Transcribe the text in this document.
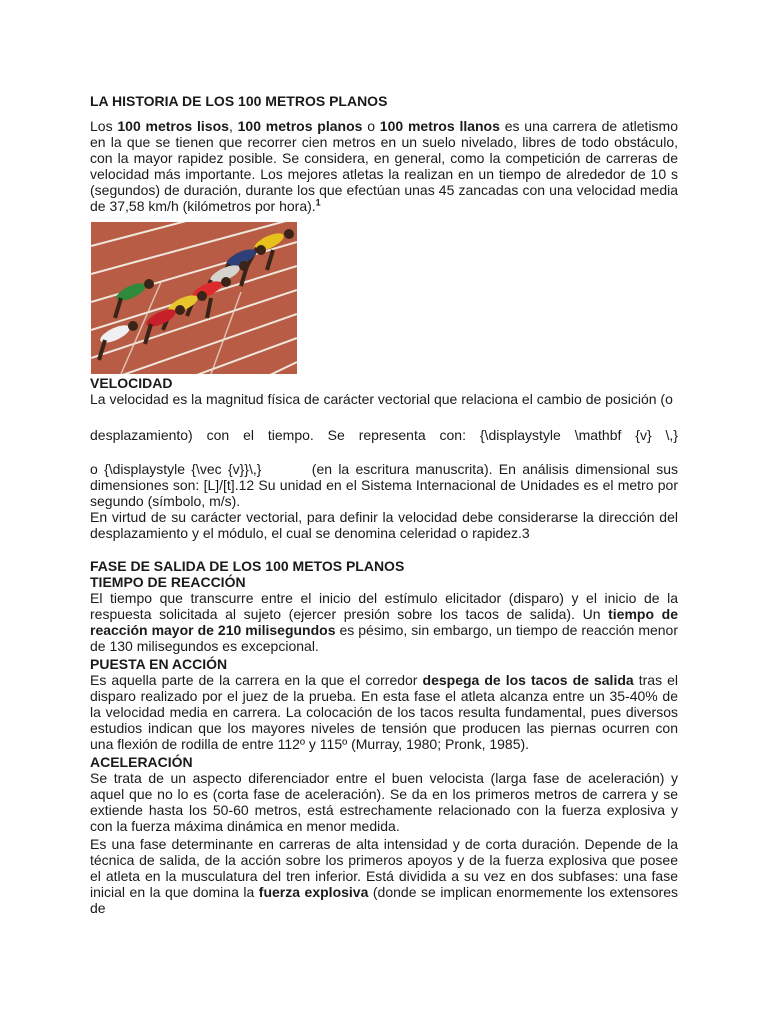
LA HISTORIA DE LOS 100 METROS PLANOS

Los 100 metros lisos, 100 metros planos o 100 metros llanos es una carrera de atletismo en la que se tienen que recorrer cien metros en un suelo nivelado, libres de todo obstáculo, con la mayor rapidez posible. Se considera, en general, como la competición de carreras de velocidad más importante. Los mejores atletas la realizan en un tiempo de alrededor de 10 s (segundos) de duración, durante los que efectúan unas 45 zancadas con una velocidad media de 37,58 km/h (kilómetros por hora).$^1$

VELOCIDAD
La velocidad es la magnitud física de carácter vectorial que relaciona el cambio de posición (o
desplazamiento) con el tiempo. Se representa con: {\displaystyle \mathbf {v} \,}

o {\displaystyle {\vec {v}}\,}        (en la escritura manuscrita). En análisis dimensional sus dimensiones son: [L]/[t].12 Su unidad en el Sistema Internacional de Unidades es el metro por segundo (símbolo, m/s).

En virtud de su carácter vectorial, para definir la velocidad debe considerarse la dirección del desplazamiento y el módulo, el cual se denomina celeridad o rapidez.3

FASE DE SALIDA DE LOS 100 METOS PLANOS
TIEMPO DE REACCIÓN

El tiempo que transcurre entre el inicio del estímulo elicitador (disparo) y el inicio de la respuesta solicitada al sujeto (ejercer presión sobre los tacos de salida). Un tiempo de reacción mayor de 210 milisegundos es pésimo, sin embargo, un tiempo de reacción menor de 130 milisegundos es excepcional.

PUESTA EN ACCIÓN

Es aquella parte de la carrera en la que el corredor despega de los tacos de salida tras el disparo realizado por el juez de la prueba. En esta fase el atleta alcanza entre un 35-40% de la velocidad media en carrera. La colocación de los tacos resulta fundamental, pues diversos estudios indican que los mayores niveles de tensión que producen las piernas ocurren con una flexión de rodilla de entre 112º y 115º (Murray, 1980; Pronk, 1985).

ACELERACIÓN

Se trata de un aspecto diferenciador entre el buen velocista (larga fase de aceleración) y aquel que no lo es (corta fase de aceleración). Se da en los primeros metros de carrera y se extiende hasta los 50-60 metros, está estrechamente relacionado con la fuerza explosiva y con la fuerza máxima dinámica en menor medida.

Es una fase determinante en carreras de alta intensidad y de corta duración. Depende de la técnica de salida, de la acción sobre los primeros apoyos y de la fuerza explosiva que posee el atleta en la musculatura del tren inferior. Está dividida a su vez en dos subfases: una fase inicial en la que domina la fuerza explosiva (donde se implican enormemente los extensores de
